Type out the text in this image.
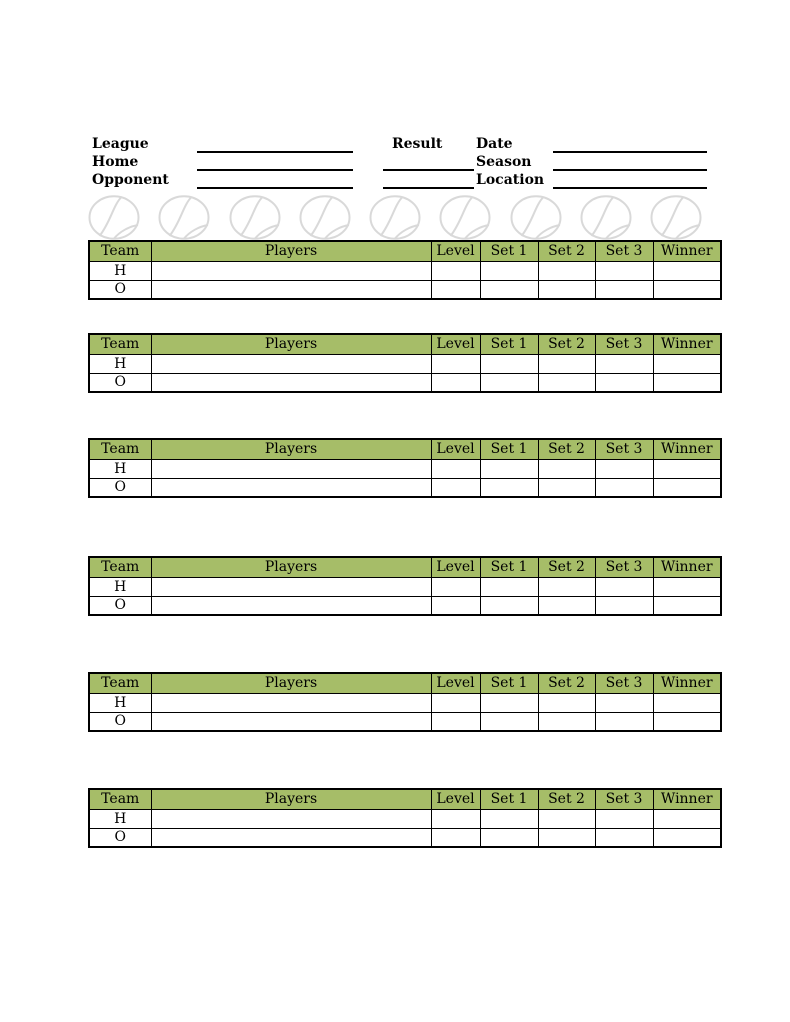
League
Home
Opponent
Result Date
Season
Location
Team	Players	Level	Set 1	Set 2	Set 3	Winner
H						
O						
Team	Players	Level	Set 1	Set 2	Set 3	Winner
H						
O						
Team	Players	Level	Set 1	Set 2	Set 3	Winner
H						
O						
Team	Players	Level	Set 1	Set 2	Set 3	Winner
H						
O						
Team	Players	Level	Set 1	Set 2	Set 3	Winner
H						
O						
Team	Players	Level	Set 1	Set 2	Set 3	Winner
H						
O						
